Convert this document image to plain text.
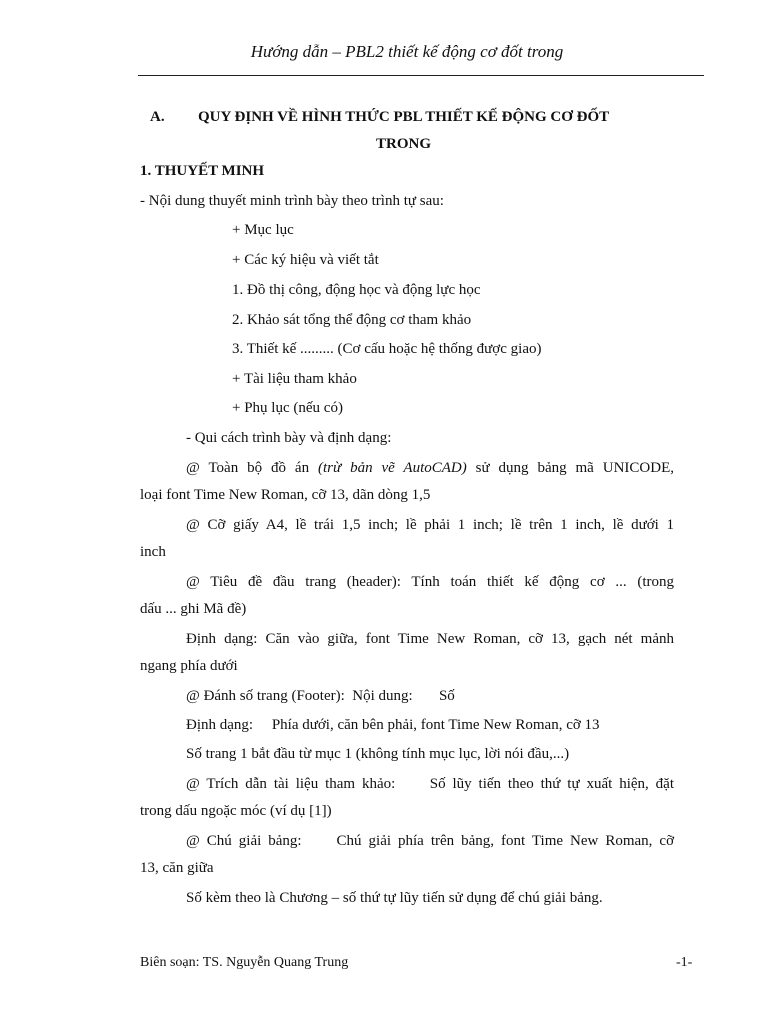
Hướng dẫn – PBL2 thiết kế động cơ đốt trong
A. QUY ĐỊNH VỀ HÌNH THỨC PBL THIẾT KẾ ĐỘNG CƠ ĐỐT
TRONG
1. THUYẾT MINH
- Nội dung thuyết minh trình bày theo trình tự sau:
+ Mục lục
+ Các ký hiệu và viết tắt
1. Đồ thị công, động học và động lực học
2. Khảo sát tổng thể động cơ tham khảo
3. Thiết kế ......... (Cơ cấu hoặc hệ thống được giao)
+ Tài liệu tham khảo
+ Phụ lục (nếu có)
- Qui cách trình bày và định dạng:
@ Toàn bộ đồ án (trừ bản vẽ AutoCAD) sử dụng bảng mã UNICODE,
loại font Time New Roman, cỡ 13, dãn dòng 1,5
@ Cỡ giấy A4, lề trái 1,5 inch; lề phải 1 inch; lề trên 1 inch, lề dưới 1
inch
@ Tiêu đề đầu trang (header): Tính toán thiết kế động cơ ... (trong
dấu ... ghi Mã đề)
Định dạng: Căn vào giữa, font Time New Roman, cỡ 13, gạch nét mảnh
ngang phía dưới
@ Đánh số trang (Footer):  Nội dung:       Số
Định dạng:     Phía dưới, căn bên phải, font Time New Roman, cỡ 13
Số trang 1 bắt đầu từ mục 1 (không tính mục lục, lời nói đầu,...)
@ Trích dẫn tài liệu tham khảo:     Số lũy tiến theo thứ tự xuất hiện, đặt
trong dấu ngoặc móc (ví dụ [1])
@ Chú giải bảng:     Chú giải phía trên bảng, font Time New Roman, cỡ
13, căn giữa
Số kèm theo là Chương – số thứ tự lũy tiến sử dụng để chú giải bảng.
Biên soạn: TS. Nguyễn Quang Trung	-1-
